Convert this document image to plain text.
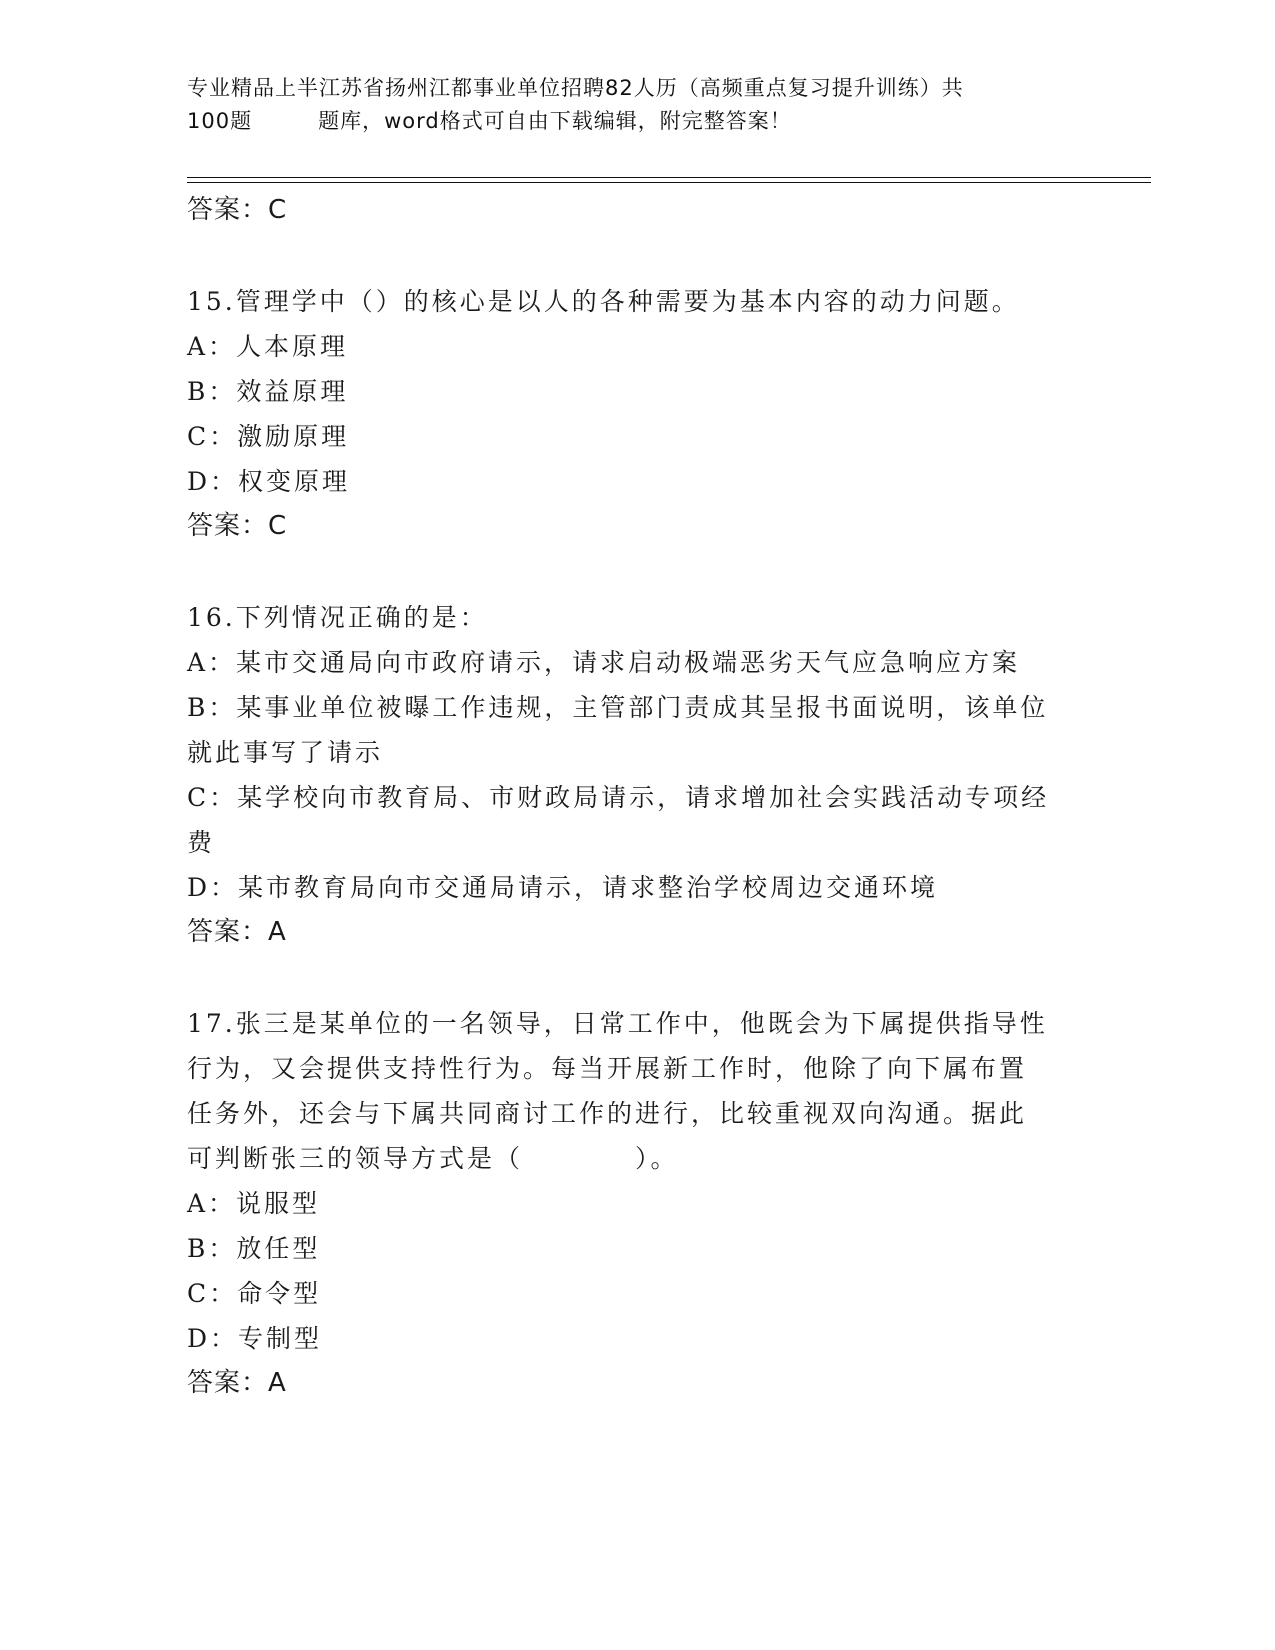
专业精品上半江苏省扬州江都事业单位招聘82人历（高频重点复习提升训练）共
100题	题库，word格式可自由下载编辑，附完整答案！
答案：C
15.管理学中（）的核心是以人的各种需要为基本内容的动力问题。
A：人本原理
B：效益原理
C：激励原理
D：权变原理
答案：C
16.下列情况正确的是：
A：某市交通局向市政府请示，请求启动极端恶劣天气应急响应方案
B：某事业单位被曝工作违规，主管部门责成其呈报书面说明，该单位
就此事写了请示
C：某学校向市教育局、市财政局请示，请求增加社会实践活动专项经
费
D：某市教育局向市交通局请示，请求整治学校周边交通环境
答案：A
17.张三是某单位的一名领导，日常工作中，他既会为下属提供指导性
行为，又会提供支持性行为。每当开展新工作时，他除了向下属布置
任务外，还会与下属共同商讨工作的进行，比较重视双向沟通。据此
可判断张三的领导方式是（　　　　）。
A：说服型
B：放任型
C：命令型
D：专制型
答案：A
